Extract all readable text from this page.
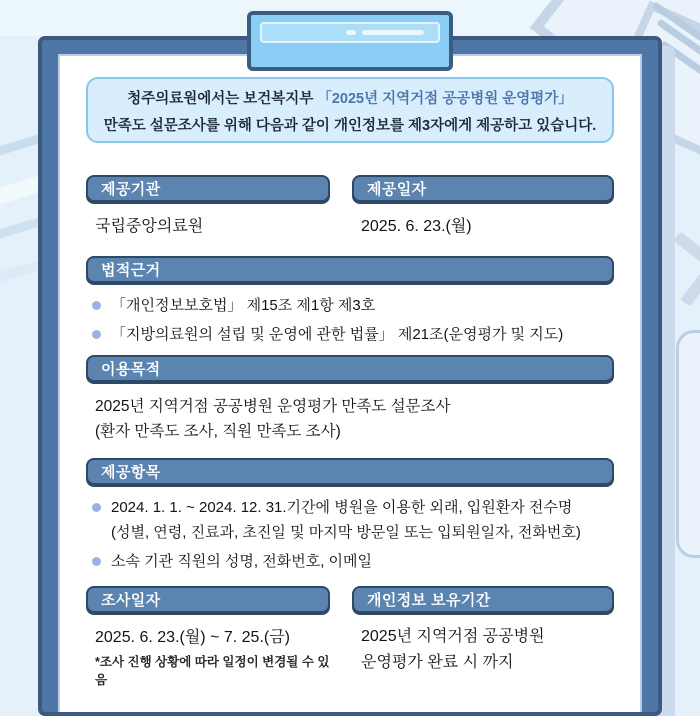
청주의료원에서는 보건복지부 「2025년 지역거점 공공병원 운영평가」
만족도 설문조사를 위해 다음과 같이 개인정보를 제3자에게 제공하고 있습니다.
제공기관
국립중앙의료원
제공일자
2025. 6. 23.(월)
법적근거
「개인정보보호법」 제15조 제1항 제3호
「지방의료원의 설립 및 운영에 관한 법률」 제21조(운영평가 및 지도)
이용목적
2025년 지역거점 공공병원 운영평가 만족도 설문조사
(환자 만족도 조사, 직원 만족도 조사)
제공항목
2024. 1. 1. ~ 2024. 12. 31.기간에 병원을 이용한 외래, 입원환자 전수명
(성별, 연령, 진료과, 초진일 및 마지막 방문일 또는 입퇴원일자, 전화번호)
소속 기관 직원의 성명, 전화번호, 이메일
조사일자
2025. 6. 23.(월) ~ 7. 25.(금)
*조사 진행 상황에 따라 일정이 변경될 수 있음
개인정보 보유기간
2025년 지역거점 공공병원
운영평가 완료 시 까지
